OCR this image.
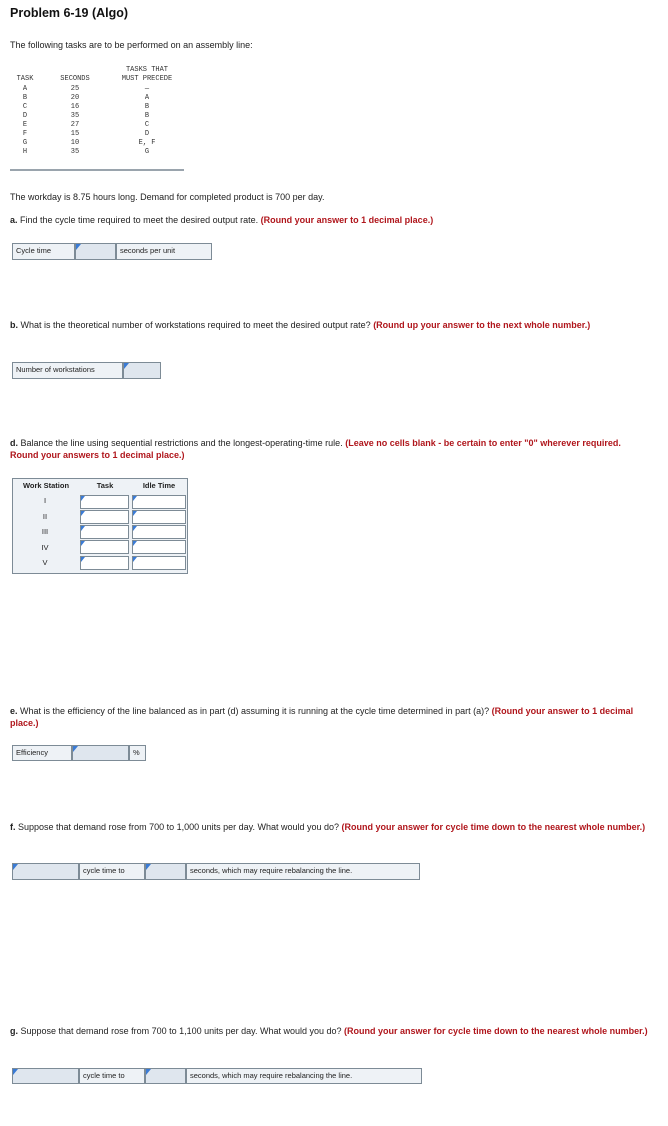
Problem 6-19 (Algo)
The following tasks are to be performed on an assembly line:
TASKS THAT
TASK	SECONDS	MUST PRECEDE
A	25	—
B	20	A
C	16	B
D	35	B
E	27	C
F	15	D
G	10	E, F
H	35	G
The workday is 8.75 hours long. Demand for completed product is 700 per day.
a. Find the cycle time required to meet the desired output rate. (Round your answer to 1 decimal place.)
Cycle time	seconds per unit
b. What is the theoretical number of workstations required to meet the desired output rate? (Round up your answer to the next whole number.)
Number of workstations
d. Balance the line using sequential restrictions and the longest-operating-time rule. (Leave no cells blank - be certain to enter "0" wherever required. Round your answers to 1 decimal place.)
Work Station	Task	Idle Time
I
II
III
IV
V
e. What is the efficiency of the line balanced as in part (d) assuming it is running at the cycle time determined in part (a)? (Round your answer to 1 decimal place.)
Efficiency	%
f. Suppose that demand rose from 700 to 1,000 units per day. What would you do? (Round your answer for cycle time down to the nearest whole number.)
cycle time to	seconds, which may require rebalancing the line.
g. Suppose that demand rose from 700 to 1,100 units per day. What would you do? (Round your answer for cycle time down to the nearest whole number.)
cycle time to	seconds, which may require rebalancing the line.
